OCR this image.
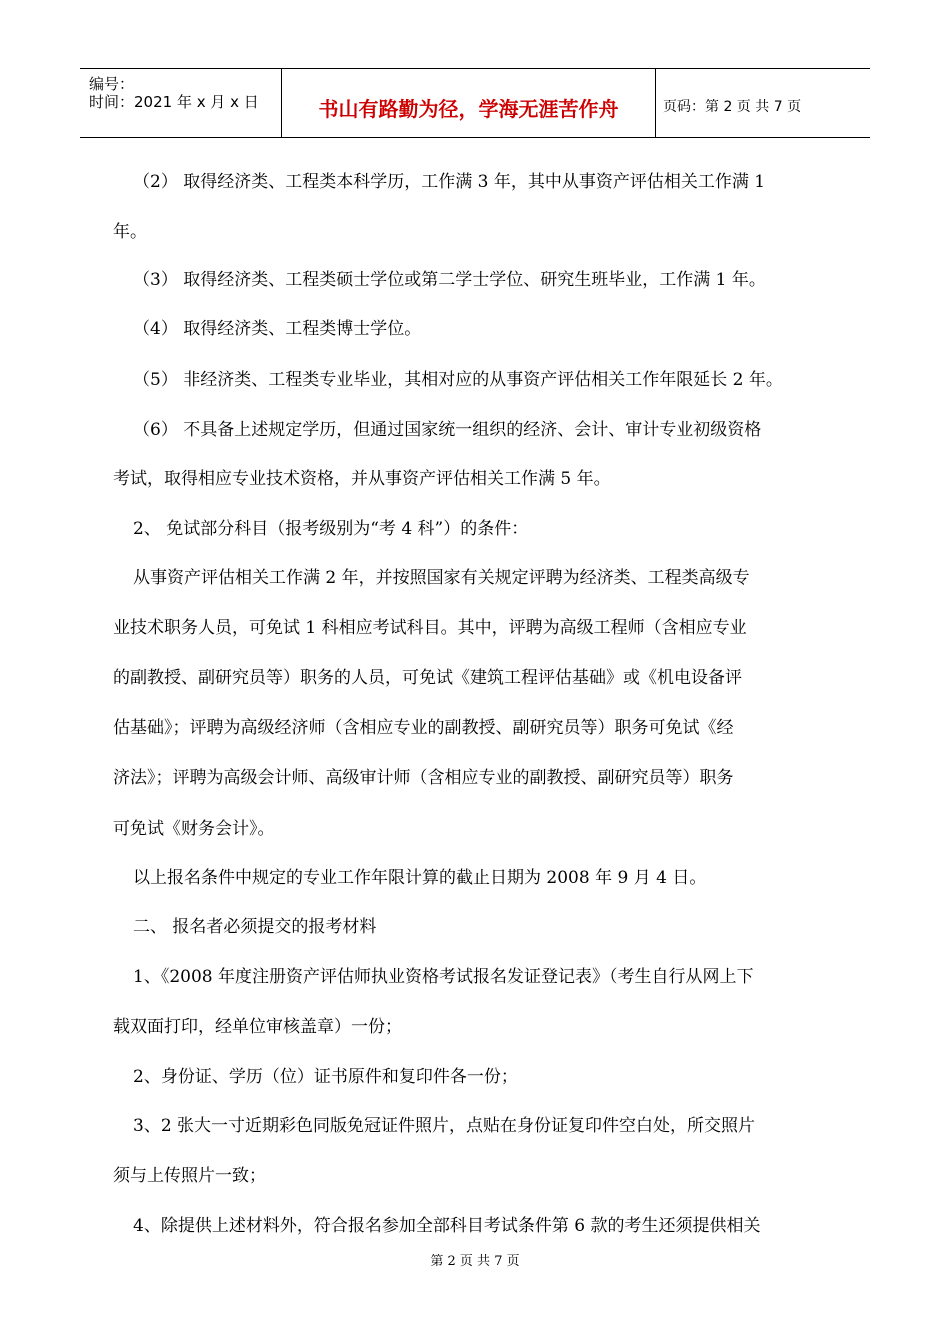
编号：
时间：2021 年 x 月 x 日	书山有路勤为径，学海无涯苦作舟	页码：第 2 页 共 7 页
（2） 取得经济类、工程类本科学历，工作满 3 年，其中从事资产评估相关工作满 1
年。
（3） 取得经济类、工程类硕士学位或第二学士学位、研究生班毕业，工作满 1 年。
（4） 取得经济类、工程类博士学位。
（5） 非经济类、工程类专业毕业，其相对应的从事资产评估相关工作年限延长 2 年。
（6） 不具备上述规定学历，但通过国家统一组织的经济、会计、审计专业初级资格
考试，取得相应专业技术资格，并从事资产评估相关工作满 5 年。
2、 免试部分科目（报考级别为“考 4 科”）的条件：
从事资产评估相关工作满 2 年，并按照国家有关规定评聘为经济类、工程类高级专
业技术职务人员，可免试 1 科相应考试科目。其中，评聘为高级工程师（含相应专业
的副教授、副研究员等）职务的人员，可免试《建筑工程评估基础》或《机电设备评
估基础》；评聘为高级经济师（含相应专业的副教授、副研究员等）职务可免试《经
济法》；评聘为高级会计师、高级审计师（含相应专业的副教授、副研究员等）职务
可免试《财务会计》。
以上报名条件中规定的专业工作年限计算的截止日期为 2008 年 9 月 4 日。
二、 报名者必须提交的报考材料
1、《2008 年度注册资产评估师执业资格考试报名发证登记表》（考生自行从网上下
载双面打印，经单位审核盖章）一份；
2、身份证、学历（位）证书原件和复印件各一份；
3、2 张大一寸近期彩色同版免冠证件照片，点贴在身份证复印件空白处，所交照片
须与上传照片一致；
4、除提供上述材料外，符合报名参加全部科目考试条件第 6 款的考生还须提供相关
第 2 页 共 7 页
